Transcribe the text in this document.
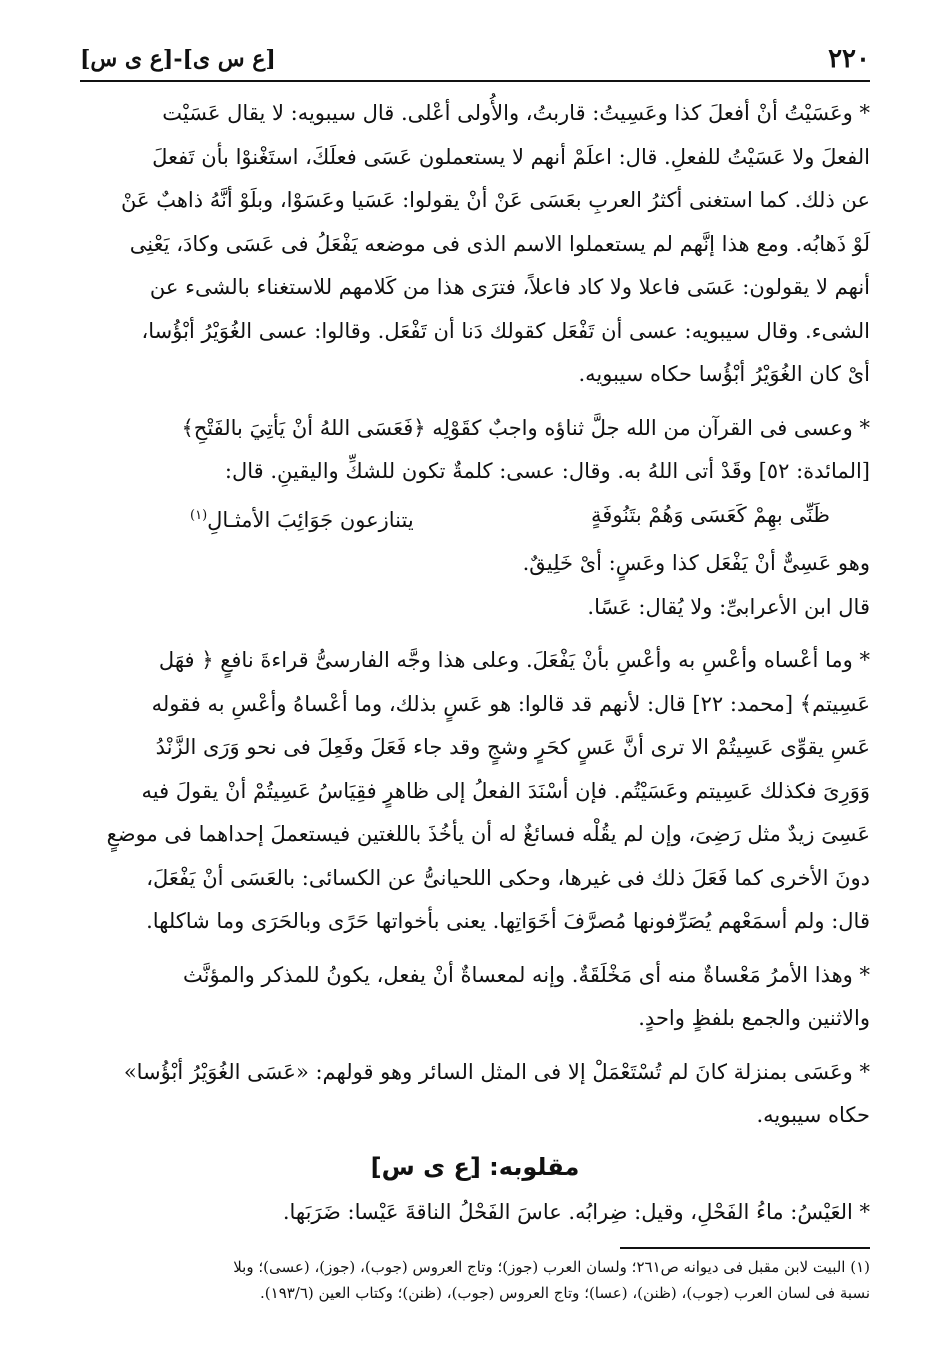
٢٢٠
[ع س ى]-[ع ى س]

* وعَسَيْتُ أنْ أفعلَ كذا وعَسِيتُ: قاربتُ، والأُولى أعْلى. قال سيبويه: لا يقال عَسَيْت

الفعلَ ولا عَسَيْتُ للفعلِ. قال: اعلَمْ أنهم لا يستعملون عَسَى فعلَكَ، استَغْنوْا بأن تَفعلَ

عن ذلك. كما استغنى أكثرُ العربِ بعَسَى عَنْ أنْ يقولوا: عَسَيا وعَسَوْا، وبلَوْ أنَّهُ ذاهبٌ عَنْ

لَوْ ذَهابُه. ومع هذا إنَّهم لم يستعملوا الاسم الذى فى موضعه يَفْعَلُ فى عَسَى وكادَ، يَعْنِى

أنهم لا يقولون: عَسَى فاعلا ولا كاد فاعلاً، فترَى هذا من كَلامهم للاستغناء بالشىء عن

الشىء. وقال سيبويه: عسى أن تَفْعَل كقولك دَنا أن تَفْعَل. وقالوا: عسى الغُوَيْرُ أبْؤُسا،

أىْ كان الغُوَيْرُ أبْؤُسا حكاه سيبويه.

* وعسى فى القرآن من الله جلَّ ثناؤه واجبٌ كقَوْلِه ﴿فَعَسَى اللهُ أنْ يَأتِيَ بالفَتْحِ﴾

[المائدة: ٥٢] وقَدْ أتى اللهُ به. وقال: عسى: كلمةٌ تكون للشكِّ واليقينِ. قال:

ظَنِّى بهِمْ كَعَسَى وَهُمْ بتَنُوفَةٍ
يتنازعون جَوَائِبَ الأمثـالِ$^{(١)}$

وهو عَسِىٌّ أنْ يَفْعَل كذا وعَسٍ: أىْ خَلِيقٌ.

قال ابن الأعرابىِّ: ولا يُقال: عَسًا.

* وما أعْساه وأعْسِ به وأعْسِ بأنْ يَفْعَلَ. وعلى هذا وجَّه الفارسىُّ قراءةَ نافعٍ ﴿ فهَل

عَسِيتم﴾ [محمد: ٢٢] قال: لأنهم قد قالوا: هو عَسٍ بذلك، وما أعْساهُ وأعْسِ به فقوله

عَسِ يقوِّى عَسِيتُمْ الا ترى أنَّ عَسٍ كحَرٍ وشجٍ وقد جاء فَعَلَ وفَعِلَ فى نحو وَرَى الزَّنْدُ

وَوَرِىَ فكذلك عَسِيتم وعَسَيْتُم. فإن أسْنَدَ الفعلُ إلى ظاهرٍ فقِيَاسُ عَسِيتُمْ أنْ يقولَ فيه

عَسِىَ زيدٌ مثل رَضِىَ، وإن لم يقُلْه فسائغٌ له أن يأخُذَ باللغتين فيستعملَ إحداهما فى موضعٍ

دونَ الأخرى كما فَعَلَ ذلك فى غيرها، وحكى اللحيانىُّ عن الكسائى: بالعَسَى أنْ يَفْعَلَ،

قال: ولم أسمَعْهم يُصَرِّفونها مُصرَّفَ أخَوَاتِها. يعنى بأخواتها حَرًى وبالحَرَى وما شاكلها.

* وهذا الأمرُ مَعْساةٌ منه أى مَخْلَقَةٌ. وإنه لمعساةٌ أنْ يفعل، يكونُ للمذكر والمؤنَّث

والاثنين والجمع بلفظٍ واحدٍ.

* وعَسَى بمنزلة كانَ لم تُسْتَعْمَلْ إلا فى المثل السائر وهو قولهم: «عَسَى الغُوَيْرُ أبْؤُسا»

حكاه سيبويه.

مقلوبه: [ع ى س]

* العَيْسُ: ماءُ الفَحْلِ، وقيل: ضِرابُه. عاسَ الفَحْلُ الناقةَ عَيْسا: ضَرَبَها.

(١) البيت لابن مقبل فى ديوانه ص٢٦١؛ ولسان العرب (جوز)؛ وتاج العروس (جوب)، (جوز)، (عسى)؛ وبلا

نسبة فى لسان العرب (جوب)، (ظنن)، (عسا)؛ وتاج العروس (جوب)، (ظنن)؛ وكتاب العين (١٩٣/٦).
